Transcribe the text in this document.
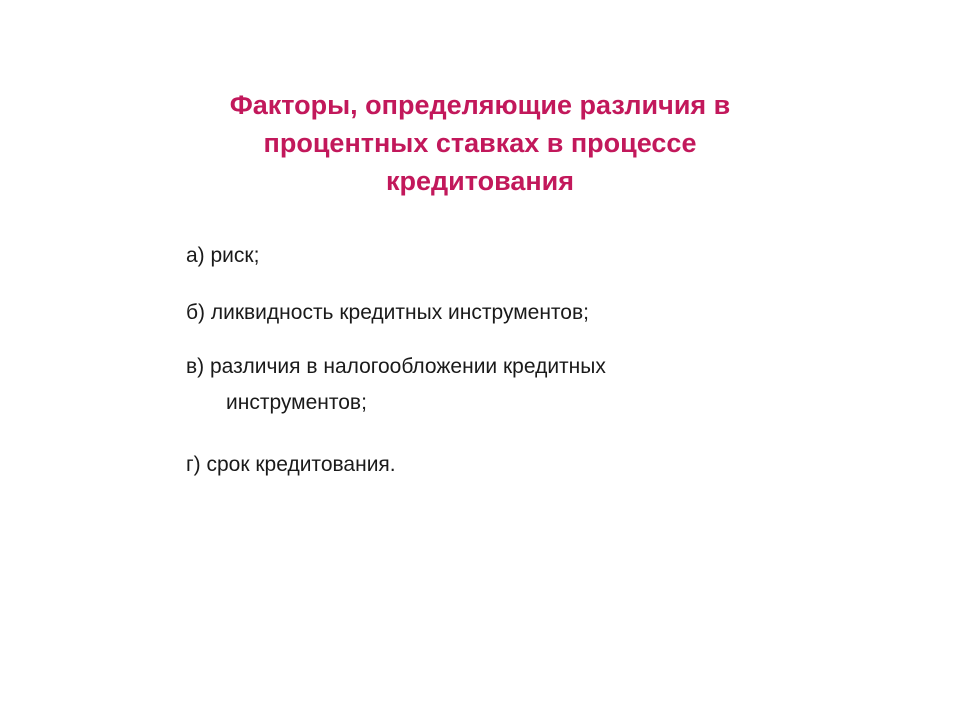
Факторы, определяющие различия в
процентных ставках в процессе
кредитования
а) риск;
б) ликвидность кредитных инструментов;
в) различия в налогообложении кредитных
инструментов;
г) срок кредитования.
